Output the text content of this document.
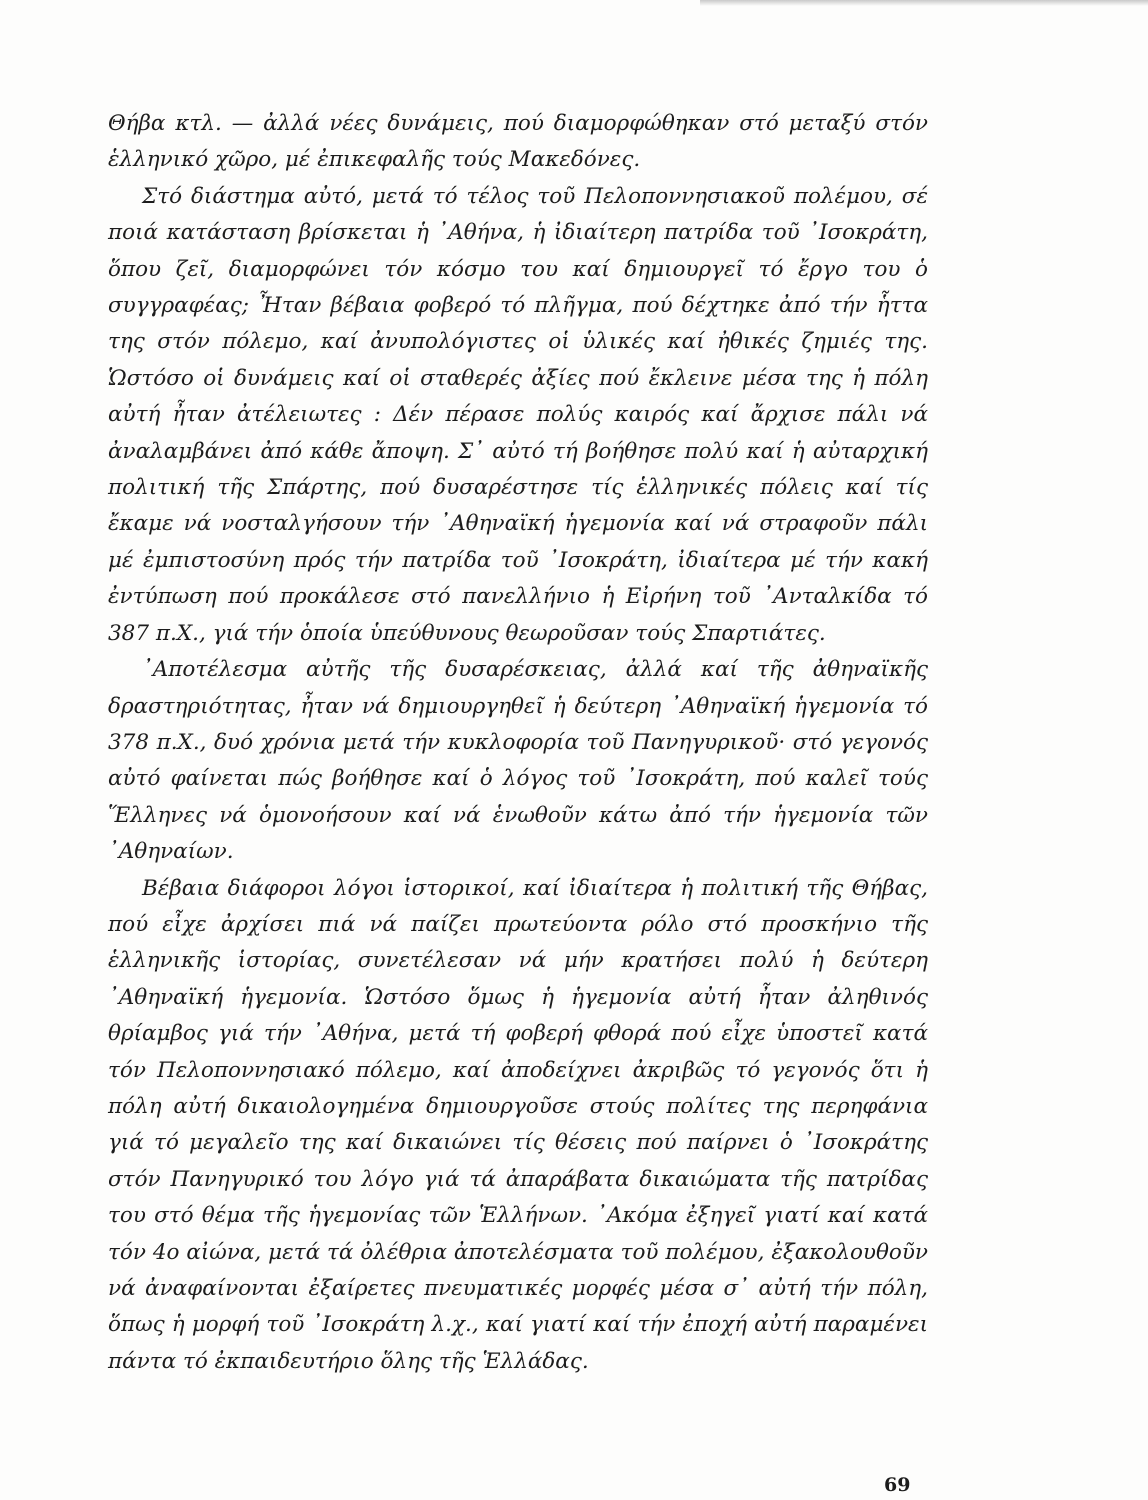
Θήβα κτλ. — ἀλλά νέες δυνάμεις, πού διαμορφώθηκαν στό μεταξύ στόν ἑλληνικό χῶρο, μέ ἐπικεφαλῆς τούς Μακεδόνες.

Στό διάστημα αὐτό, μετά τό τέλος τοῦ Πελοποννησιακοῦ πολέμου, σέ ποιά κατάσταση βρίσκεται ἡ ᾿Αθήνα, ἡ ἰδιαίτερη πατρίδα τοῦ ᾿Ισοκράτη, ὅπου ζεῖ, διαμορφώνει τόν κόσμο του καί δημιουργεῖ τό ἔργο του ὁ συγγραφέας; Ἦταν βέβαια φοβερό τό πλῆγμα, πού δέχτηκε ἀπό τήν ἧττα της στόν πόλεμο, καί ἀνυπολόγιστες οἱ ὑλικές καί ἠθικές ζημιές της. Ὡστόσο οἱ δυνάμεις καί οἱ σταθερές ἀξίες πού ἔκλεινε μέσα της ἡ πόλη αὐτή ἦταν ἀτέλειωτες : Δέν πέρασε πολύς καιρός καί ἄρχισε πάλι νά ἀναλαμβάνει ἀπό κάθε ἄποψη. Σ᾿ αὐτό τή βοήθησε πολύ καί ἡ αὐταρχική πολιτική τῆς Σπάρτης, πού δυσαρέστησε τίς ἑλληνικές πόλεις καί τίς ἔκαμε νά νοσταλγήσουν τήν ᾿Αθηναϊκή ἡγεμονία καί νά στραφοῦν πάλι μέ ἐμπιστοσύνη πρός τήν πατρίδα τοῦ ᾿Ισοκράτη, ἰδιαίτερα μέ τήν κακή ἐντύπωση πού προκάλεσε στό πανελλήνιο ἡ Εἰρήνη τοῦ ᾿Ανταλκίδα τό 387 π.Χ., γιά τήν ὁποία ὑπεύθυνους θεωροῦσαν τούς Σπαρτιάτες.

᾿Αποτέλεσμα αὐτῆς τῆς δυσαρέσκειας, ἀλλά καί τῆς ἀθηναϊκῆς δραστηριότητας, ἦταν νά δημιουργηθεῖ ἡ δεύτερη ᾿Αθηναϊκή ἡγεμονία τό 378 π.Χ., δυό χρόνια μετά τήν κυκλοφορία τοῦ Πανηγυρικοῦ· στό γεγονός αὐτό φαίνεται πώς βοήθησε καί ὁ λόγος τοῦ ᾿Ισοκράτη, πού καλεῖ τούς Ἕλληνες νά ὁμονοήσουν καί νά ἑνωθοῦν κάτω ἀπό τήν ἡγεμονία τῶν ᾿Αθηναίων.

Βέβαια διάφοροι λόγοι ἱστορικοί, καί ἰδιαίτερα ἡ πολιτική τῆς Θήβας, πού εἶχε ἀρχίσει πιά νά παίζει πρωτεύοντα ρόλο στό προσκήνιο τῆς ἑλληνικῆς ἱστορίας, συνετέλεσαν νά μήν κρατήσει πολύ ἡ δεύτερη ᾿Αθηναϊκή ἡγεμονία. Ὡστόσο ὅμως ἡ ἡγεμονία αὐτή ἦταν ἀληθινός θρίαμβος γιά τήν ᾿Αθήνα, μετά τή φοβερή φθορά πού εἶχε ὑποστεῖ κατά τόν Πελοποννησιακό πόλεμο, καί ἀποδείχνει ἀκριβῶς τό γεγονός ὅτι ἡ πόλη αὐτή δικαιολογημένα δημιουργοῦσε στούς πολίτες της περηφάνια γιά τό μεγαλεῖο της καί δικαιώνει τίς θέσεις πού παίρνει ὁ ᾿Ισοκράτης στόν Πανηγυρικό του λόγο γιά τά ἀπαράβατα δικαιώματα τῆς πατρίδας του στό θέμα τῆς ἡγεμονίας τῶν Ἑλλήνων. ᾿Ακόμα ἐξηγεῖ γιατί καί κατά τόν 4ο αἰώνα, μετά τά ὀλέθρια ἀποτελέσματα τοῦ πολέμου, ἐξακολουθοῦν νά ἀναφαίνονται ἐξαίρετες πνευματικές μορφές μέσα σ᾿ αὐτή τήν πόλη, ὅπως ἡ μορφή τοῦ ᾿Ισοκράτη λ.χ., καί γιατί καί τήν ἐποχή αὐτή παραμένει πάντα τό ἐκπαιδευτήριο ὅλης τῆς Ἑλλάδας.

69
